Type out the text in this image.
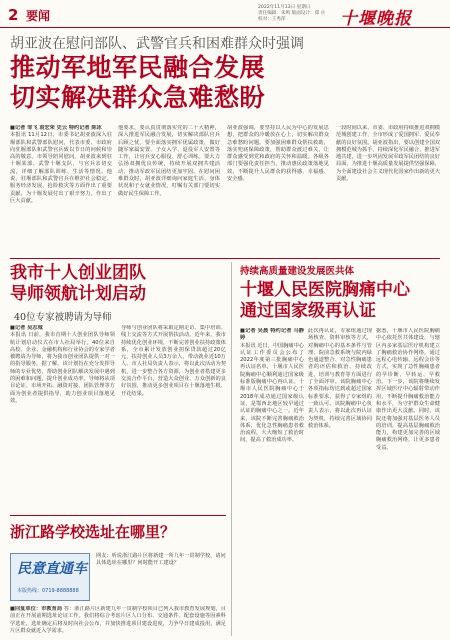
2 要闻
2022年11月13日 星期日
责任编辑：朱鸣 版面设计：郑 兵
校对：王秀萍	十堰晚报
胡亚波在慰问部队、武警官兵和困难群众时强调
推动军地军民融合发展
切实解决群众急难愁盼
■记者 邹飞 袁宏荣 史云 特约记者 陈冰
本报讯 11月12日，市委书记胡亚波深入驻堰部队和武警部队慰问，代表市委、市政府向驻堰部队和武警官兵致以节日的问候和崇高的敬意。市领导陪同慰问。胡亚波来到驻十堰某部、武警十堰支队，与官兵亲切交流，详细了解部队训练、生活等情况。他说，驻堰部队和武警官兵在维护社会稳定、服务经济发展、抢险救灾等方面作出了重要贡献，为十堰发展付出了艰辛努力，作出了巨大贡献。
他要求，要认真贯彻落实党的二十大精神，深入推进军民融合发展，切实解决部队官兵后顾之忧。要全面落实拥军优属政策，做好随军家属安置、子女入学、退役军人安置等工作，让官兵安心服役、舒心训练。要大力弘扬双拥优良传统，持续开展双拥共建活动，推动军政军民团结更加牢固。在慰问困难群众时，胡亚波详细询问家庭生活、身体状况和子女就业情况，叮嘱有关部门要切实做好民生保障工作。
胡亚波强调，要坚持以人民为中心的发展思想，把群众的冷暖放在心上，切实解决群众急难愁盼问题。要加强困难群众帮扶救助，落实兜底保障政策，帮助群众渡过难关，让群众感受到党和政府的关怀和温暖。各级各部门要强化责任担当，推动惠民政策落地见效，不断提升人民群众的获得感、幸福感、安全感。
一段时间以来，市委、市政府持续推进双拥模范城创建工作，全市形成了爱国拥军、爱民奉献的良好氛围。胡亚波指出，要以创建全国双拥模范城为抓手，持续深化军民融合、推进军地共建，进一步巩固发展军政军民团结的良好局面，为推进十堰高质量发展提供坚强保障，为全面建设社会主义现代化国家作出新的更大贡献。
我市十人创业团队
导师领航计划启动
40位专家被聘请为导师
■记者 吴志城
本报讯 日前，我市首期十人创业团队导师领航计划启动仪式在市人社局举行。40位来自高校、企业、金融机构和行业协会的专家学者被聘请为导师，将为我市创业团队提供一对一的指导服务。据了解，该计划旨在充分发挥导师的专业优势，帮助创业团队解决发展中遇到的困难和问题，提升创业成功率。导师将从项目论证、市场开拓、融资对接、团队管理等方面为创业者提供指导，助力创业项目落地见效。
导师与创业团队将采取定期走访、集中培训、线上交流等方式开展帮扶活动。近年来，我市持续优化创业环境，不断完善创业扶持政策体系，全市累计发放创业担保贷款超过20亿元，扶持创业人员3万余人，带动就业近10万人。市人社局负责人表示，将以此次活动为契机，进一步整合各方资源，为创业者搭建更多交流合作平台，营造大众创业、万众创新的良好氛围，推动更多创业项目在十堰落地生根、开花结果。
浙江路学校选址在哪里？
民意直通车
本版热线：0719-8888888
网友：听说浙江路片区将新建一所九年一贯制学校，请问具体选址在哪里？何时能开工建设？
■回复单位：市教育局 答：浙江路片区新建九年一贯制学校项目已列入我市教育发展规划，目前正在开展前期选址论证工作。我们将综合考虑片区人口分布、交通条件、配套设施等因素科学选址，选址确定后将及时向社会公布，并加快推进项目建设进度，力争早日建成投用，满足片区群众就近入学需求。
持续高质量建设发展医共体
十堰人民医院胸痛中心
通过国家级再认证
■记者 吴晨 特约记者 马静婷
本报讯 近日，中国胸痛中心认证工作委员会公布了2022年度第三批胸痛中心再认证名单，十堰市人民医院胸痛中心顺利通过国家级标准版胸痛中心再认证。十堰市人民医院胸痛中心于2018年成功通过国家级认证，是鄂西北地区较早通过认证的胸痛中心之一。近年来，该院不断完善胸痛救治体系，优化急性胸痛患者救治流程，大大缩短了救治时间，提高了救治成功率。
此次再认证，专家组通过现场核查、资料审核等方式，对胸痛中心的基本条件与管理、院前急救系统与院内绿色通道整合、对急性胸痛患者的评估和救治、持续改进、培训与教育等方面进行了全面评审。该院胸痛中心各项指标均达到或超过国家标准要求，获得了专家组的一致认可。该院胸痛中心负责人表示，将以此次再认证为契机，持续完善区域协同救治体系。
据悉，十堰市人民医院胸痛中心依托医共体建设，与辖区内多家基层医疗机构建立了胸痛救治协作网络，通过远程心电传输、远程会诊等方式，实现了急性胸痛患者的早诊断、早转运、早救治。下一步，该院将继续发挥区域医疗中心辐射带动作用，不断提升胸痛救治能力和水平，为守护群众生命健康作出更大贡献。同时，该院还将加强对基层医务人员的培训，提高基层胸痛救治能力，构建更加完善的区域胸痛救治网络，让更多患者受益。
